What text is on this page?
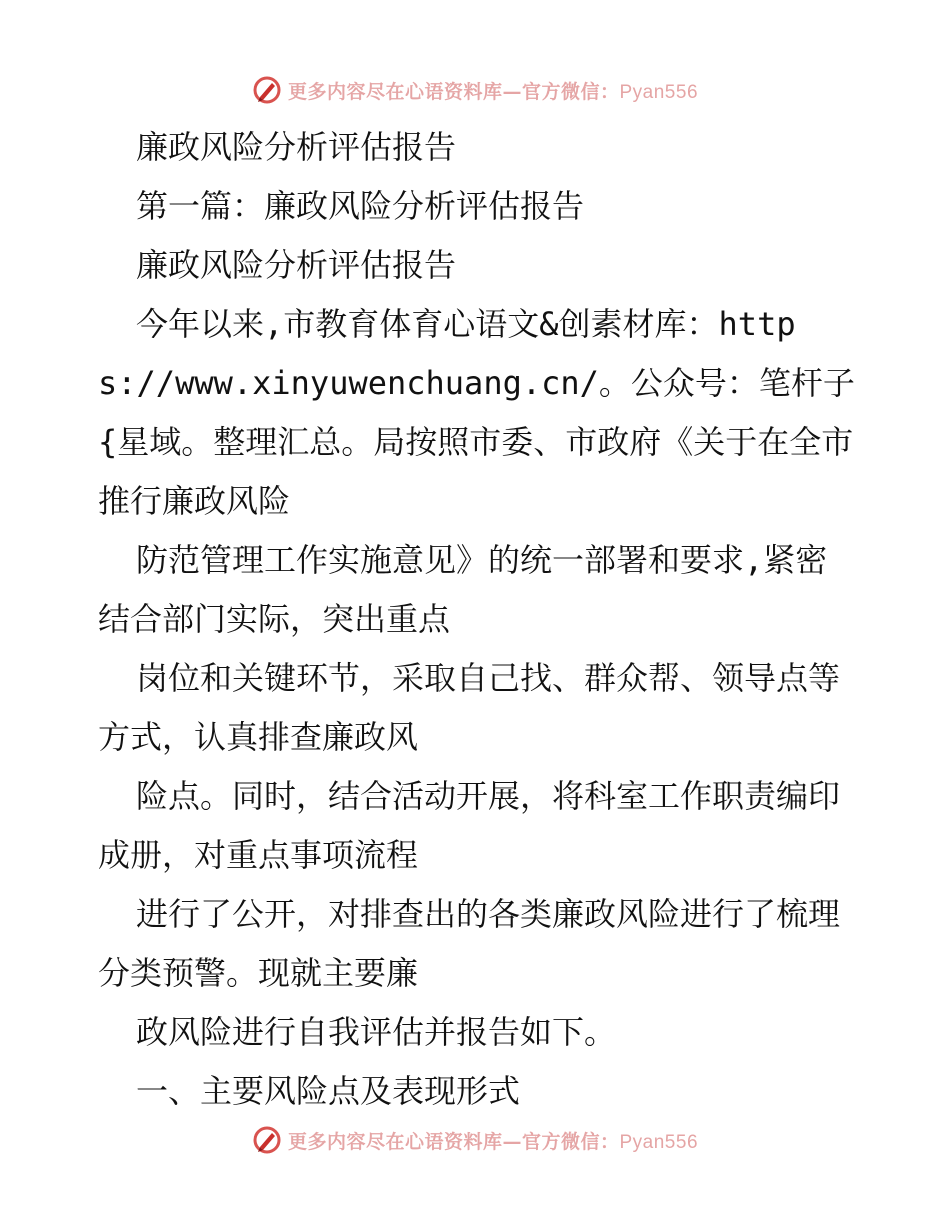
更多内容尽在心语资料库—官方微信：Pyan556

廉政风险分析评估报告

第一篇：廉政风险分析评估报告

廉政风险分析评估报告

今年以来,市教育体育心语文&创素材库：https://www.xinyuwenchuang.cn/。公众号：笔杆子{星域。整理汇总。局按照市委、市政府《关于在全市推行廉政风险

防范管理工作实施意见》的统一部署和要求,紧密结合部门实际，突出重点

岗位和关键环节，采取自己找、群众帮、领导点等方式，认真排查廉政风

险点。同时，结合活动开展，将科室工作职责编印成册，对重点事项流程

进行了公开，对排查出的各类廉政风险进行了梳理分类预警。现就主要廉

政风险进行自我评估并报告如下。

一、主要风险点及表现形式

更多内容尽在心语资料库—官方微信：Pyan556
